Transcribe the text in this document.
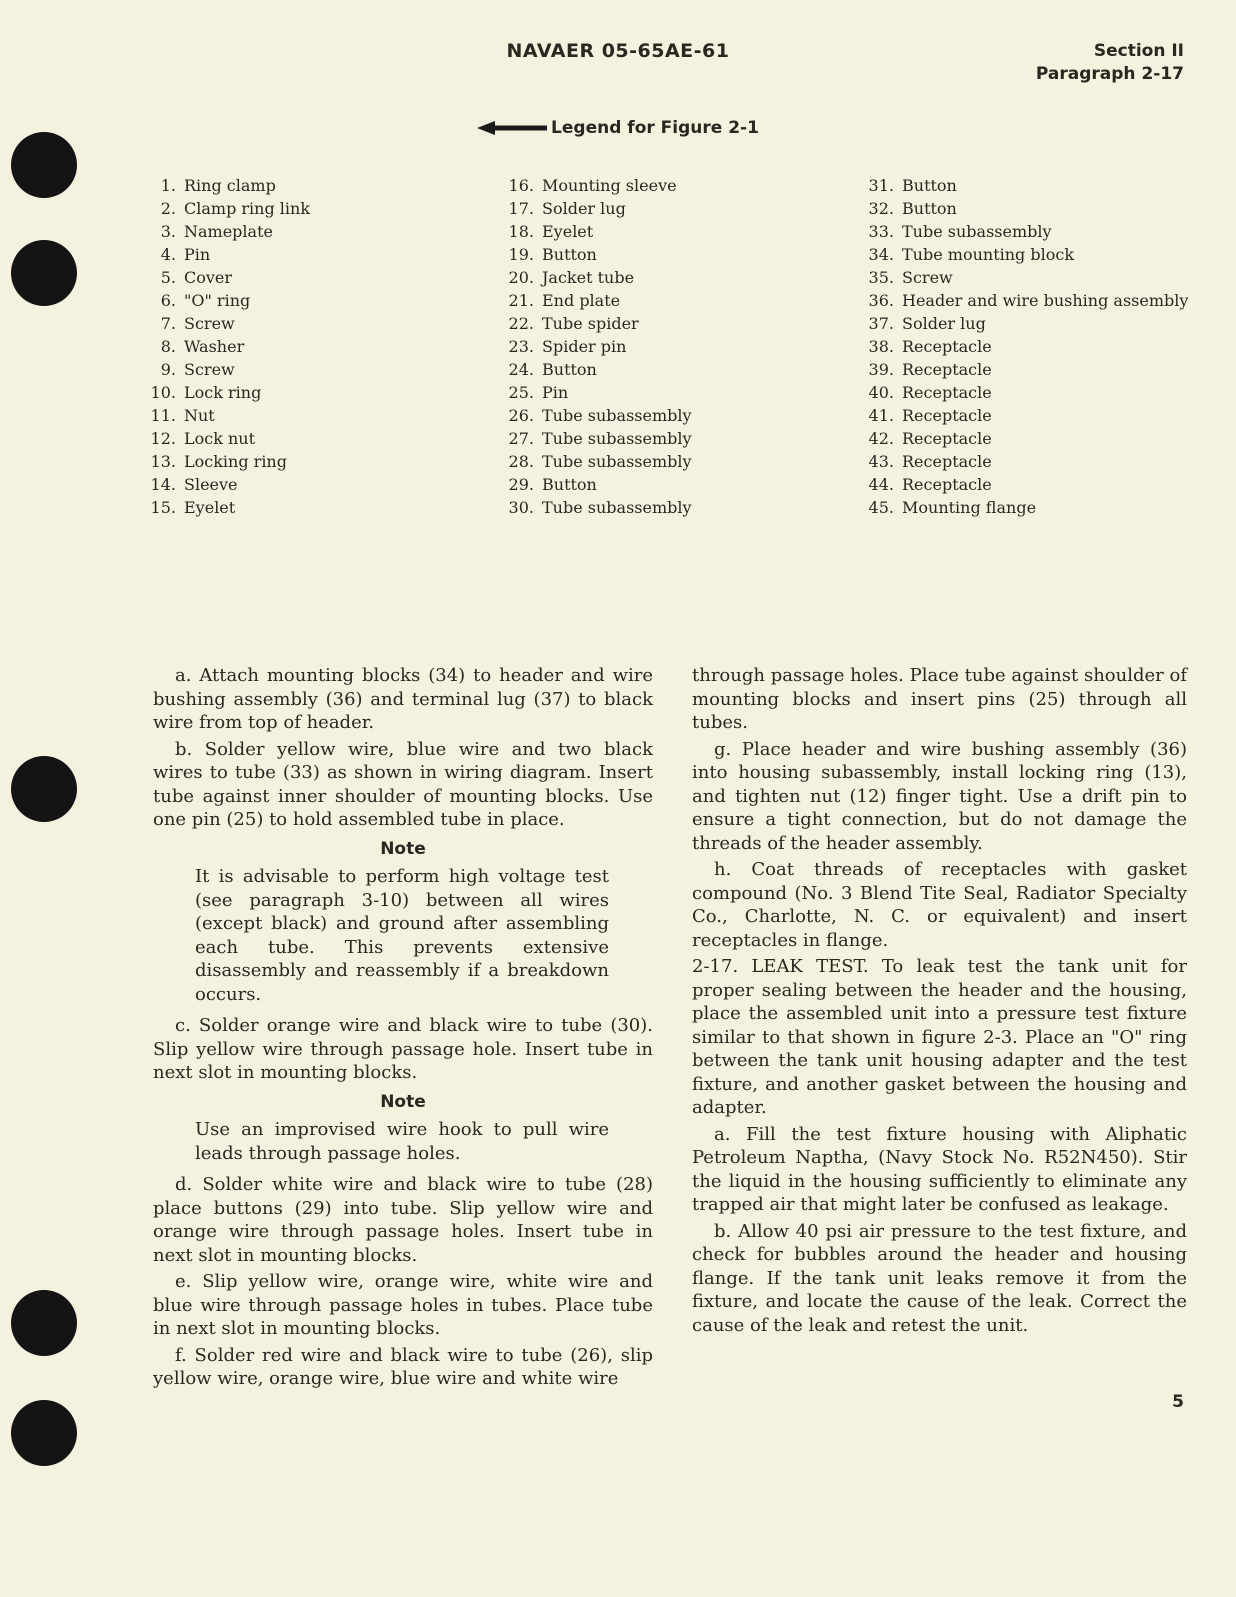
NAVAER 05-65AE-61	Section II
Paragraph 2-17
Legend for Figure 2-1
1. Ring clamp
2. Clamp ring link
3. Nameplate
4. Pin
5. Cover
6. "O" ring
7. Screw
8. Washer
9. Screw
10. Lock ring
11. Nut
12. Lock nut
13. Locking ring
14. Sleeve
15. Eyelet
16. Mounting sleeve
17. Solder lug
18. Eyelet
19. Button
20. Jacket tube
21. End plate
22. Tube spider
23. Spider pin
24. Button
25. Pin
26. Tube subassembly
27. Tube subassembly
28. Tube subassembly
29. Button
30. Tube subassembly
31. Button
32. Button
33. Tube subassembly
34. Tube mounting block
35. Screw
36. Header and wire bushing assembly
37. Solder lug
38. Receptacle
39. Receptacle
40. Receptacle
41. Receptacle
42. Receptacle
43. Receptacle
44. Receptacle
45. Mounting flange

a. Attach mounting blocks (34) to header and wire bushing assembly (36) and terminal lug (37) to black wire from top of header.

b. Solder yellow wire, blue wire and two black wires to tube (33) as shown in wiring diagram. Insert tube against inner shoulder of mounting blocks. Use one pin (25) to hold assembled tube in place.

Note
It is advisable to perform high voltage test (see paragraph 3-10) between all wires (except black) and ground after assembling each tube. This prevents extensive disassembly and reassembly if a breakdown occurs.

c. Solder orange wire and black wire to tube (30). Slip yellow wire through passage hole. Insert tube in next slot in mounting blocks.

Note
Use an improvised wire hook to pull wire leads through passage holes.

d. Solder white wire and black wire to tube (28) place buttons (29) into tube. Slip yellow wire and orange wire through passage holes. Insert tube in next slot in mounting blocks.

e. Slip yellow wire, orange wire, white wire and blue wire through passage holes in tubes. Place tube in next slot in mounting blocks.

f. Solder red wire and black wire to tube (26), slip yellow wire, orange wire, blue wire and white wire

through passage holes. Place tube against shoulder of mounting blocks and insert pins (25) through all tubes.

g. Place header and wire bushing assembly (36) into housing subassembly, install locking ring (13), and tighten nut (12) finger tight. Use a drift pin to ensure a tight connection, but do not damage the threads of the header assembly.

h. Coat threads of receptacles with gasket compound (No. 3 Blend Tite Seal, Radiator Specialty Co., Charlotte, N. C. or equivalent) and insert receptacles in flange.

2-17. LEAK TEST. To leak test the tank unit for proper sealing between the header and the housing, place the assembled unit into a pressure test fixture similar to that shown in figure 2-3. Place an "O" ring between the tank unit housing adapter and the test fixture, and another gasket between the housing and adapter.

a. Fill the test fixture housing with Aliphatic Petroleum Naptha, (Navy Stock No. R52N450). Stir the liquid in the housing sufficiently to eliminate any trapped air that might later be confused as leakage.

b. Allow 40 psi air pressure to the test fixture, and check for bubbles around the header and housing flange. If the tank unit leaks remove it from the fixture, and locate the cause of the leak. Correct the cause of the leak and retest the unit.

5
